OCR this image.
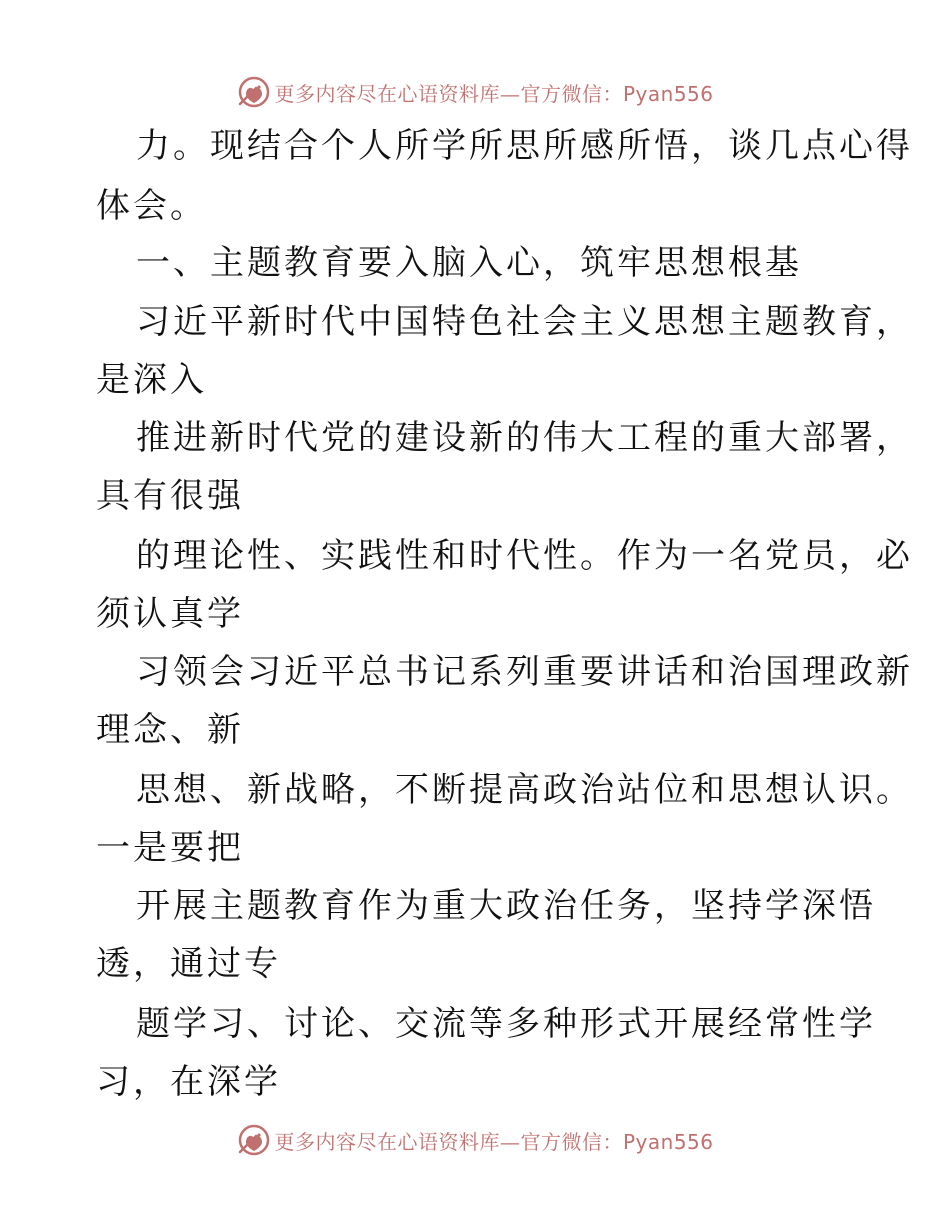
更多内容尽在心语资料库—官方微信：Pyan556
力。现结合个人所学所思所感所悟，谈几点心得
体会。
一、主题教育要入脑入心，筑牢思想根基
习近平新时代中国特色社会主义思想主题教育，
是深入
推进新时代党的建设新的伟大工程的重大部署，
具有很强
的理论性、实践性和时代性。作为一名党员，必
须认真学
习领会习近平总书记系列重要讲话和治国理政新
理念、新
思想、新战略，不断提高政治站位和思想认识。
一是要把
开展主题教育作为重大政治任务，坚持学深悟
透，通过专
题学习、讨论、交流等多种形式开展经常性学
习，在深学
更多内容尽在心语资料库—官方微信：Pyan556
